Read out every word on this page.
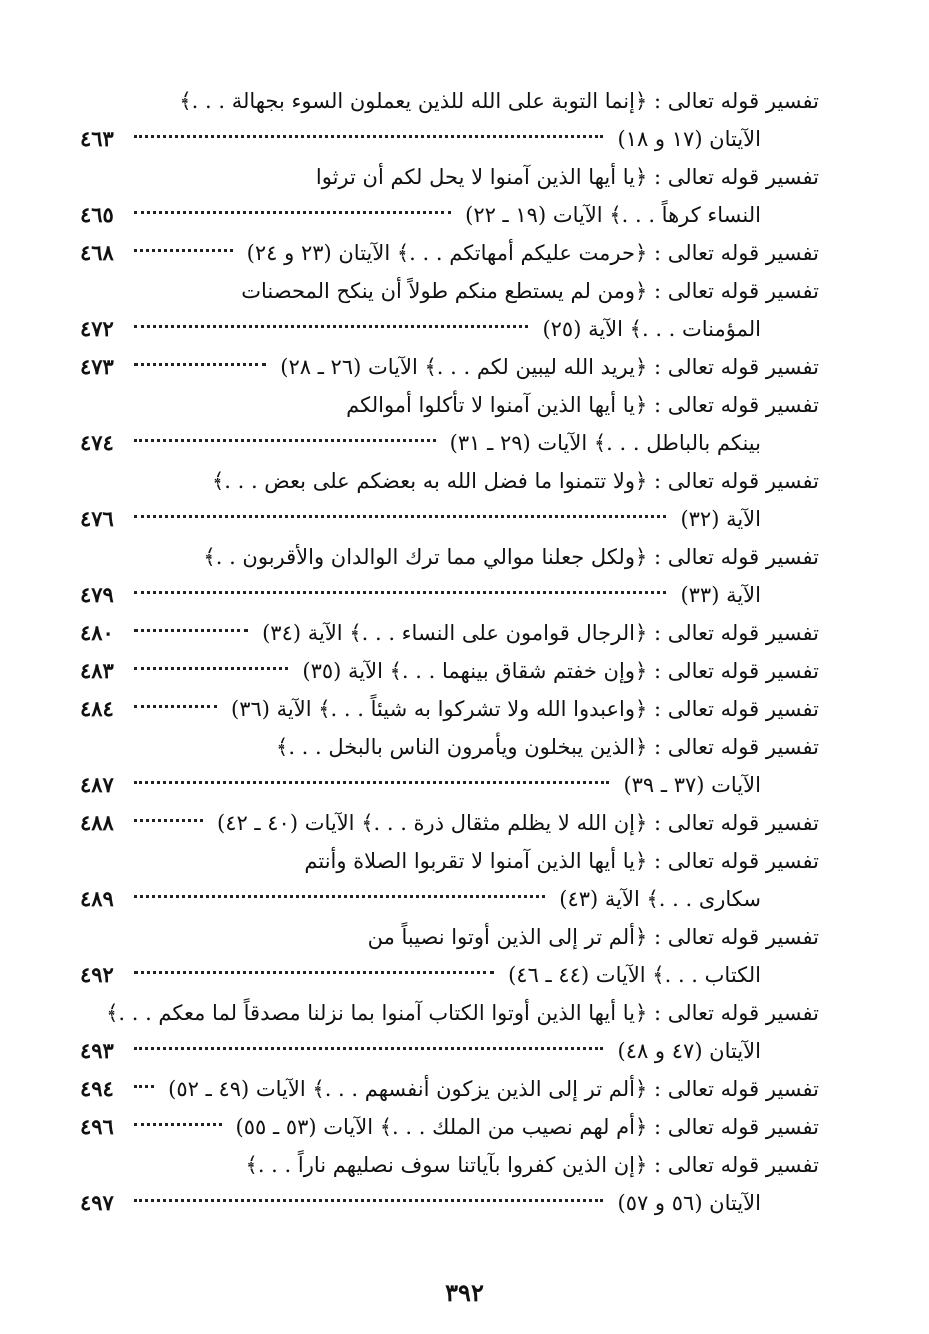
تفسير قوله تعالى : ﴿إنما التوبة على الله للذين يعملون السوء بجهالة . . .﴾
الآيتان (١٧ و ١٨)
٤٦٣
تفسير قوله تعالى : ﴿يا أيها الذين آمنوا لا يحل لكم أن ترثوا
النساء كرهاً . . .﴾ الآيات (١٩ ـ ٢٢)
٤٦٥
تفسير قوله تعالى : ﴿حرمت عليكم أمهاتكم . . .﴾ الآيتان (٢٣ و ٢٤)
٤٦٨
تفسير قوله تعالى : ﴿ومن لم يستطع منكم طولاً أن ينكح المحصنات
المؤمنات . . .﴾ الآية (٢٥)
٤٧٢
تفسير قوله تعالى : ﴿يريد الله ليبين لكم . . .﴾ الآيات (٢٦ ـ ٢٨)
٤٧٣
تفسير قوله تعالى : ﴿يا أيها الذين آمنوا لا تأكلوا أموالكم
بينكم بالباطل . . .﴾ الآيات (٢٩ ـ ٣١)
٤٧٤
تفسير قوله تعالى : ﴿ولا تتمنوا ما فضل الله به بعضكم على بعض . . .﴾
الآية (٣٢)
٤٧٦
تفسير قوله تعالى : ﴿ولكل جعلنا موالي مما ترك الوالدان والأقربون . .﴾
الآية (٣٣)
٤٧٩
تفسير قوله تعالى : ﴿الرجال قوامون على النساء . . .﴾ الآية (٣٤)
٤٨٠
تفسير قوله تعالى : ﴿وإن خفتم شقاق بينهما . . .﴾ الآية (٣٥)
٤٨٣
تفسير قوله تعالى : ﴿واعبدوا الله ولا تشركوا به شيئاً . . .﴾ الآية (٣٦)
٤٨٤
تفسير قوله تعالى : ﴿الذين يبخلون ويأمرون الناس بالبخل . . .﴾
الآيات (٣٧ ـ ٣٩)
٤٨٧
تفسير قوله تعالى : ﴿إن الله لا يظلم مثقال ذرة . . .﴾ الآيات (٤٠ ـ ٤٢)
٤٨٨
تفسير قوله تعالى : ﴿يا أيها الذين آمنوا لا تقربوا الصلاة وأنتم
سكارى . . .﴾ الآية (٤٣)
٤٨٩
تفسير قوله تعالى : ﴿ألم تر إلى الذين أوتوا نصيباً من
الكتاب . . .﴾ الآيات (٤٤ ـ ٤٦)
٤٩٢
تفسير قوله تعالى : ﴿يا أيها الذين أوتوا الكتاب آمنوا بما نزلنا مصدقاً لما معكم . . .﴾
الآيتان (٤٧ و ٤٨)
٤٩٣
تفسير قوله تعالى : ﴿ألم تر إلى الذين يزكون أنفسهم . . .﴾ الآيات (٤٩ ـ ٥٢)
٤٩٤
تفسير قوله تعالى : ﴿أم لهم نصيب من الملك . . .﴾ الآيات (٥٣ ـ ٥٥)
٤٩٦
تفسير قوله تعالى : ﴿إن الذين كفروا بآياتنا سوف نصليهم ناراً . . .﴾
الآيتان (٥٦ و ٥٧)
٤٩٧
٣٩٢
